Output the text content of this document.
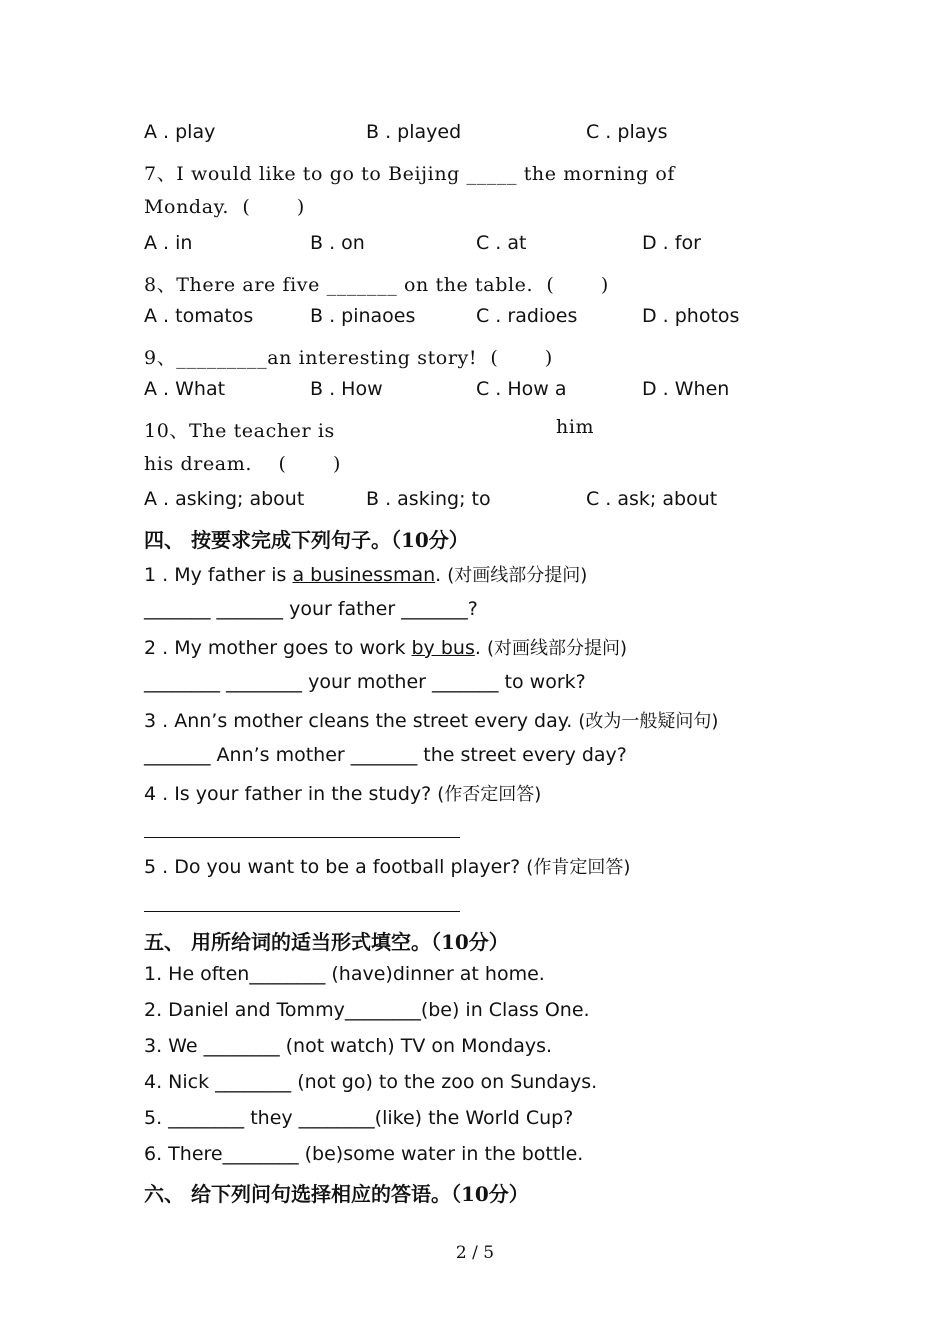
A . play	B . played	C . plays
7、I would like to go to Beijing _____ the morning of
Monday.  (       )
A . in	B . on	C . at	D . for
8、There are five _______ on the table.  (       )
A . tomatos	B . pinaoes	C . radioes	D . photos
9、_________an interesting story!  (       )
A . What	B . How	C . How a	D . When
10、The teacher is	him
his dream.    (       )
A . asking; about	B . asking; to	C . ask; about
四、 按要求完成下列句子。（10分）
1 . My father is a businessman. (对画线部分提问)
_______ _______ your father _______?
2 . My mother goes to work by bus. (对画线部分提问)
________ ________ your mother _______ to work?
3 . Ann’s mother cleans the street every day. (改为一般疑问句)
_______ Ann’s mother _______ the street every day?
4 . Is your father in the study? (作否定回答)
5 . Do you want to be a football player? (作肯定回答)
五、 用所给词的适当形式填空。（10分）
1. He often________ (have)dinner at home.
2. Daniel and Tommy________(be) in Class One.
3. We ________ (not watch) TV on Mondays.
4. Nick ________ (not go) to the zoo on Sundays.
5. ________ they ________(like) the World Cup?
6. There________ (be)some water in the bottle.
六、 给下列问句选择相应的答语。（10分）
2 / 5
